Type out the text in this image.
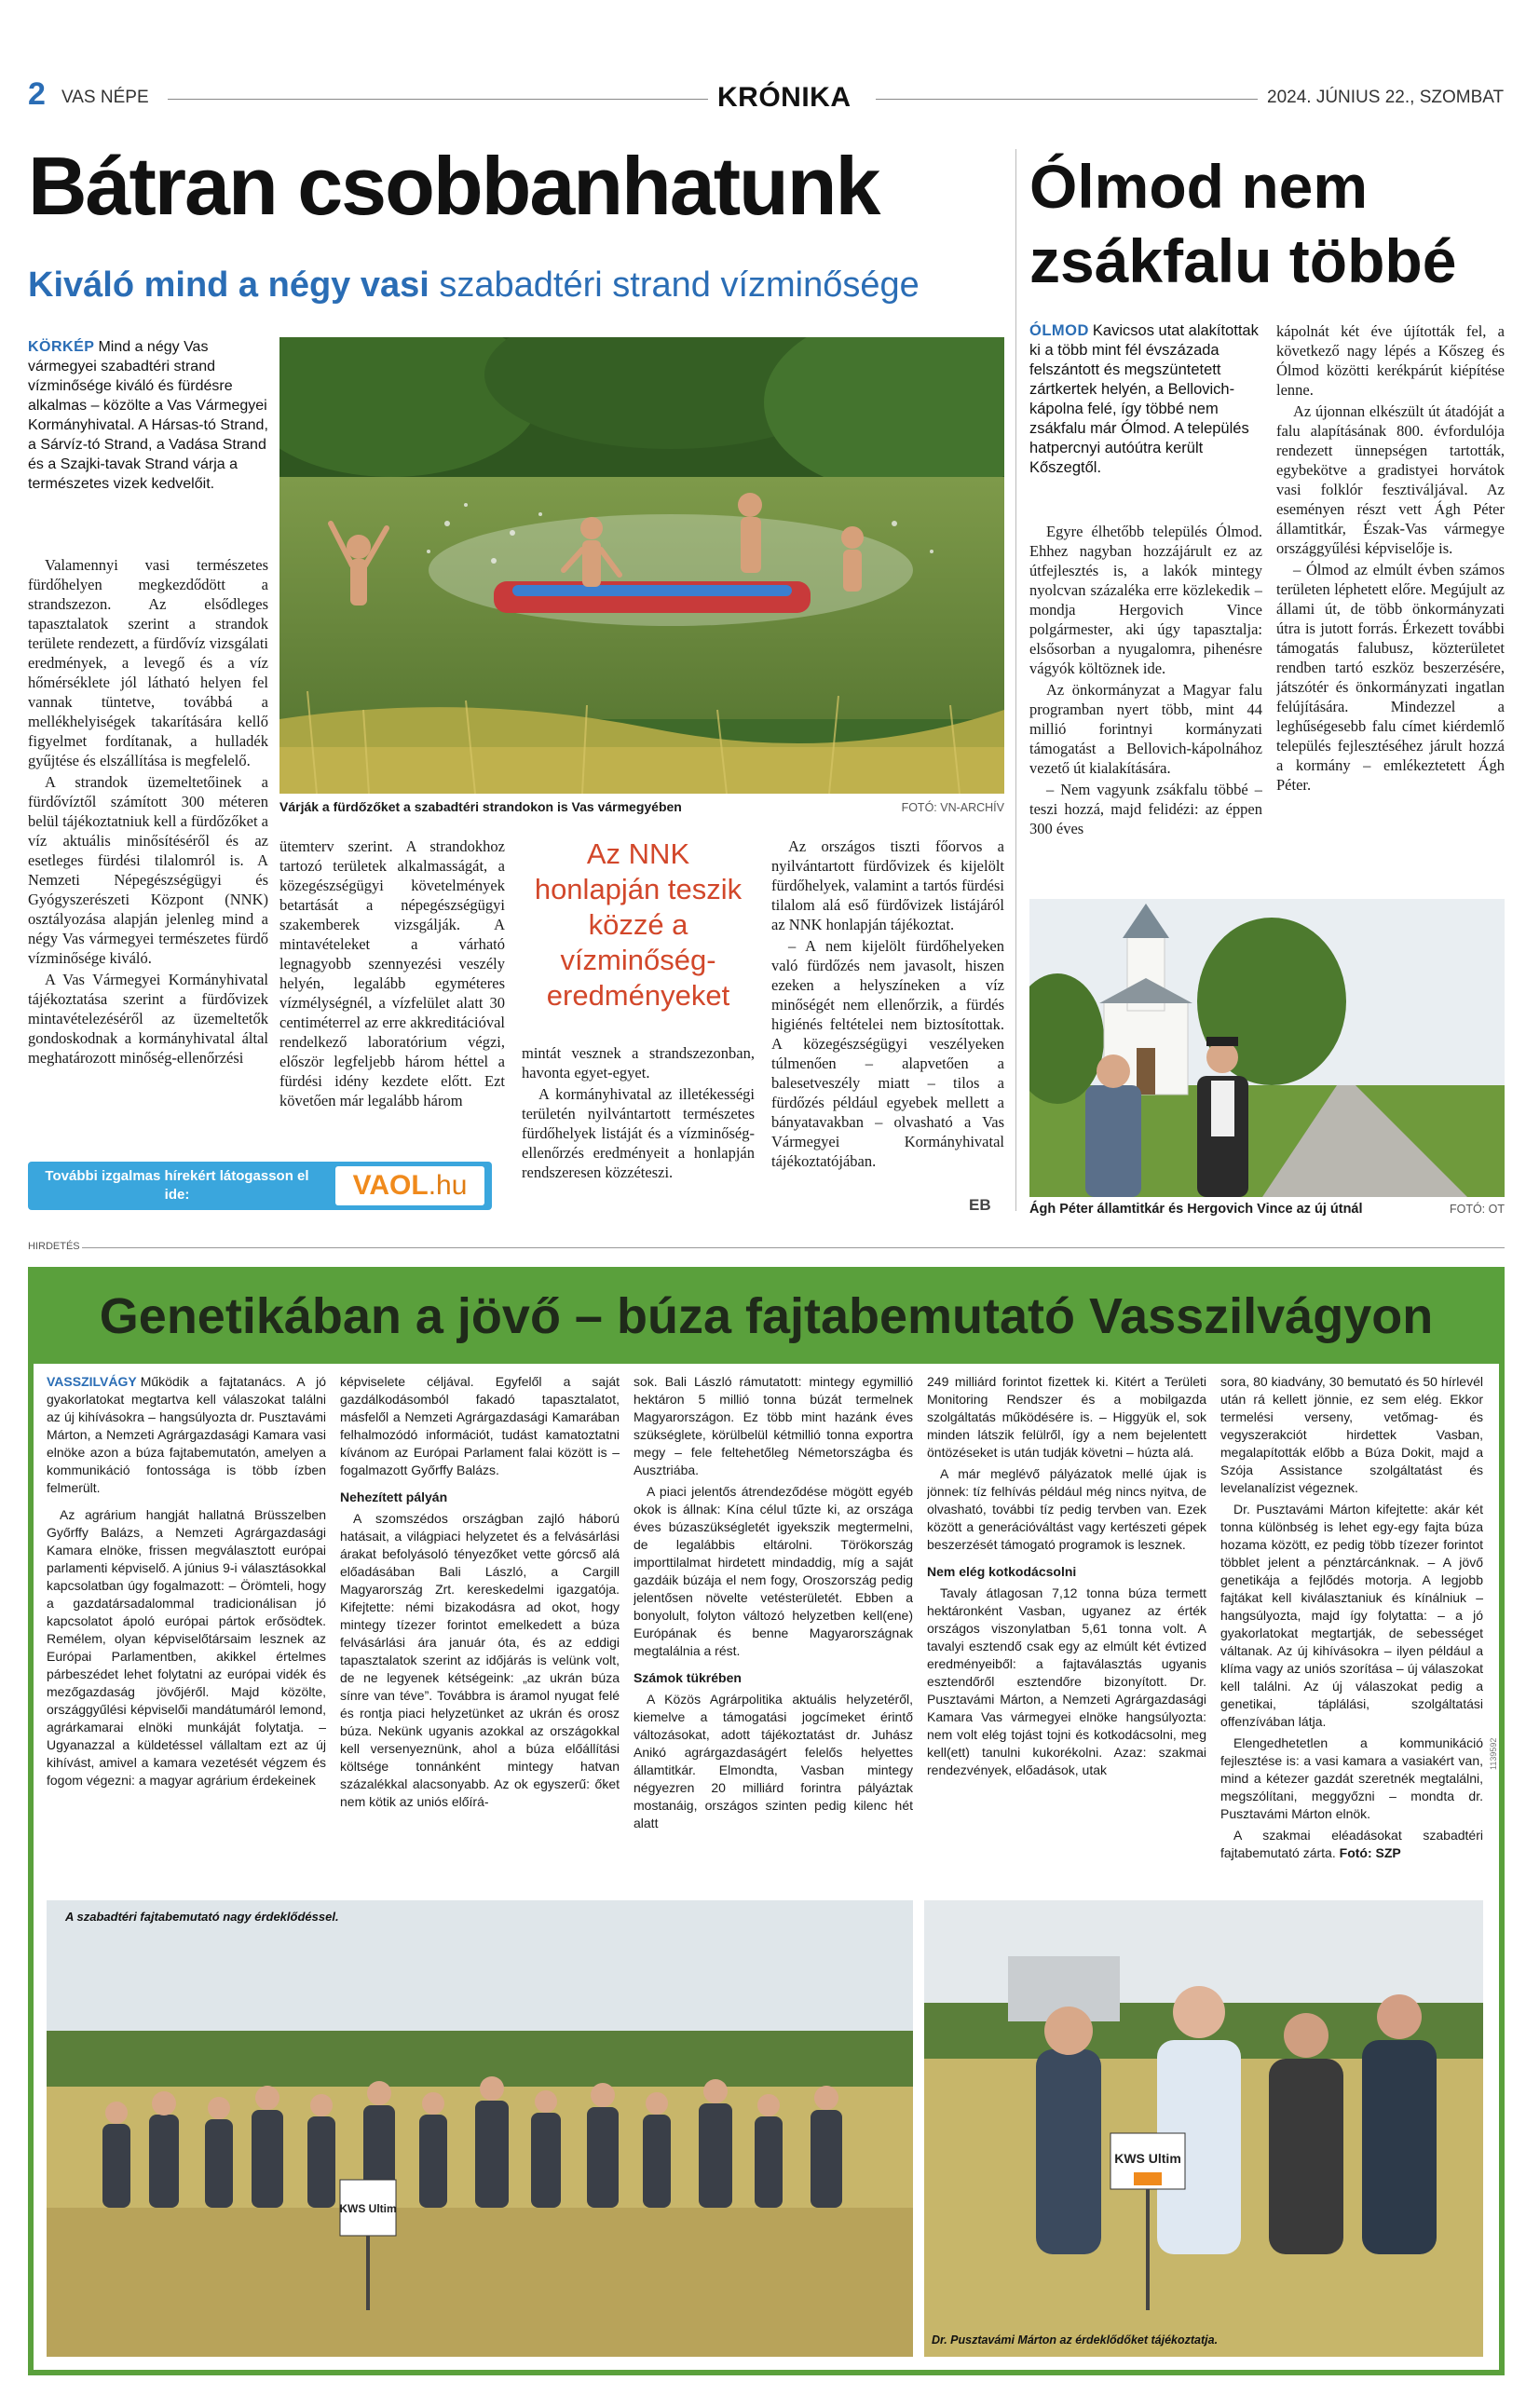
2 VAS NÉPE	KRÓNIKA	2024. JÚNIUS 22., SZOMBAT
Bátran csobbanhatunk
Kiváló mind a négy vasi szabadtéri strand vízminősége
KÖRKÉP Mind a négy Vas vármegyei szabadtéri strand vízminősége kiváló és fürdésre alkalmas – közölte a Vas Vármegyei Kormányhivatal. A Hársas-tó Strand, a Sárvíz-tó Strand, a Vadása Strand és a Szajki-tavak Strand várja a természetes vizek kedvelőit.
Várják a fürdőzőket a szabadtéri strandokon is Vas vármegyében	FOTÓ: VN-ARCHÍV

Valamennyi vasi természetes fürdőhelyen megkezdődött a strandszezon. Az elsődleges tapasztalatok szerint a strandok területe rendezett, a fürdővíz vizsgálati eredmények, a levegő és a víz hőmérséklete jól látható helyen fel vannak tüntetve, továbbá a mellékhelyiségek takarítására kellő figyelmet fordítanak, a hulladék gyűjtése és elszállítása is megfelelő.

A strandok üzemeltetőinek a fürdővíztől számított 300 méteren belül tájékoztatniuk kell a fürdőzőket a víz aktuális minősítéséről és az esetleges fürdési tilalomról is. A Nemzeti Népegészségügyi és Gyógyszerészeti Központ (NNK) osztályozása alapján jelenleg mind a négy Vas vármegyei természetes fürdő vízminősége kiváló.

A Vas Vármegyei Kormányhivatal tájékoztatása szerint a fürdővizek mintavételezéséről az üzemeltetők gondoskodnak a kormányhivatal által meghatározott minőség-ellenőrzési

ütemterv szerint. A strandokhoz tartozó területek alkalmasságát, a közegészségügyi követelmények betartását a népegészségügyi szakemberek vizsgálják. A mintavételeket a várható legnagyobb szennyezési veszély helyén, legalább egyméteres vízmélységnél, a vízfelület alatt 30 centiméterrel az erre akkreditációval rendelkező laboratórium végzi, először legfeljebb három héttel a fürdési idény kezdete előtt. Ezt követően már legalább három

Az NNK honlapján teszik közzé a vízminőség-eredményeket

mintát vesznek a strandszezonban, havonta egyet-egyet.

A kormányhivatal az illetékességi területén nyilvántartott természetes fürdőhelyek listáját és a vízminőség-ellenőrzés eredményeit a honlapján rendszeresen közzéteszi.

Az országos tiszti főorvos a nyilvántartott fürdővizek és kijelölt fürdőhelyek, valamint a tartós fürdési tilalom alá eső fürdővizek listájáról az NNK honlapján tájékoztat.

– A nem kijelölt fürdőhelyeken való fürdőzés nem javasolt, hiszen ezeken a helyszíneken a víz minőségét nem ellenőrzik, a fürdés higiénés feltételei nem biztosítottak. A közegészségügyi veszélyeken túlmenően – alapvetően a balesetveszély miatt – tilos a fürdőzés például egyebek mellett a bányatavakban – olvasható a Vas Vármegyei Kormányhivatal tájékoztatójában.

EB
További izgalmas hírekért látogasson el ide:	VAOL.hu
Ólmod nem zsákfalu többé
ÓLMOD Kavicsos utat alakítottak ki a több mint fél évszázada felszántott és megszüntetett zártkertek helyén, a Bellovich-kápolna felé, így többé nem zsákfalu már Ólmod. A település hatpercnyi autóútra került Kőszegtől.

Egyre élhetőbb település Ólmod. Ehhez nagyban hozzájárult ez az útfejlesztés is, a lakók mintegy nyolcvan százaléka erre közlekedik – mondja Hergovich Vince polgármester, aki úgy tapasztalja: elsősorban a nyugalomra, pihenésre vágyók költöznek ide.

Az önkormányzat a Magyar falu programban nyert több, mint 44 millió forintnyi kormányzati támogatást a Bellovich-kápolnához vezető út kialakítására.

– Nem vagyunk zsákfalu többé – teszi hozzá, majd felidézi: az éppen 300 éves

kápolnát két éve újították fel, a következő nagy lépés a Kőszeg és Ólmod közötti kerékpárút kiépítése lenne.

Az újonnan elkészült út átadóját a falu alapításának 800. évfordulója rendezett ünnepségen tartották, egybekötve a gradistyei horvátok vasi folklór fesztiváljával. Az eseményen részt vett Ágh Péter államtitkár, Észak-Vas vármegye országgyűlési képviselője is.

– Ólmod az elmúlt évben számos területen léphetett előre. Megújult az állami út, de több önkormányzati útra is jutott forrás. Érkezett további támogatás falubusz, közterületet rendben tartó eszköz beszerzésére, játszótér és önkormányzati ingatlan felújítására. Mindezzel a leghűségesebb falu címet kiérdemlő település fejlesztéséhez járult hozzá a kormány – emlékeztetett Ágh Péter.

Ágh Péter államtitkár és Hergovich Vince az új útnál	FOTÓ: OT
HIRDETÉS
Genetikában a jövő – búza fajtabemutató Vasszilvágyon

VASSZILVÁGY Működik a fajtatanács. A jó gyakorlatokat megtartva kell válaszokat találni az új kihívásokra – hangsúlyozta dr. Pusztavámi Márton, a Nemzeti Agrárgazdasági Kamara vasi elnöke azon a búza fajtabemutatón, amelyen a kommunikáció fontossága is több ízben felmerült.

Az agrárium hangját hallatná Brüsszelben Győrffy Balázs, a Nemzeti Agrárgazdasági Kamara elnöke, frissen megválasztott európai parlamenti képviselő. A június 9-i választásokkal kapcsolatban úgy fogalmazott: – Örömteli, hogy a gazdatársadalommal tradicionálisan jó kapcsolatot ápoló európai pártok erősödtek. Remélem, olyan képviselőtársaim lesznek az Európai Parlamentben, akikkel értelmes párbeszédet lehet folytatni az európai vidék és mezőgazdaság jövőjéről. Majd közölte, országgyűlési képviselői mandátumáról lemond, agrárkamarai elnöki munkáját folytatja. – Ugyanazzal a küldetéssel vállaltam ezt az új kihívást, amivel a kamara vezetését végzem és fogom végezni: a magyar agrárium érdekeinek

képviselete céljával. Egyfelől a saját gazdálkodásomból fakadó tapasztalatot, másfelől a Nemzeti Agrárgazdasági Kamarában felhalmozódó információt, tudást kamatoztatni kívánom az Európai Parlament falai között is – fogalmazott Győrffy Balázs.

Nehezített pályán

A szomszédos országban zajló háború hatásait, a világpiaci helyzetet és a felvásárlási árakat befolyásoló tényezőket vette górcső alá előadásában Bali László, a Cargill Magyarország Zrt. kereskedelmi igazgatója. Kifejtette: némi bizakodásra ad okot, hogy mintegy tízezer forintot emelkedett a búza felvásárlási ára január óta, és az eddigi tapasztalatok szerint az időjárás is velünk volt, de ne legyenek kétségeink: „az ukrán búza sínre van téve”. Továbbra is áramol nyugat felé és rontja piaci helyzetünket az ukrán és orosz búza. Nekünk ugyanis azokkal az országokkal kell versenyeznünk, ahol a búza előállítási költsége tonnánként mintegy hatvan százalékkal alacsonyabb. Az ok egyszerű: őket nem kötik az uniós előírá-

sok. Bali László rámutatott: mintegy egymillió hektáron 5 millió tonna búzát termelnek Magyarországon. Ez több mint hazánk éves szükséglete, körülbelül kétmillió tonna exportra megy – fele feltehetőleg Németországba és Ausztriába.

A piaci jelentős átrendeződése mögött egyéb okok is állnak: Kína célul tűzte ki, az országa éves búzaszükségletét igyekszik megtermelni, de legalábbis eltárolni. Törökország importtilalmat hirdetett mindaddig, míg a saját gazdáik búzája el nem fogy, Oroszország pedig jelentősen növelte vetésterületét. Ebben a bonyolult, folyton változó helyzetben kell(ene) Európának és benne Magyarországnak megtalálnia a rést.

Számok tükrében

A Közös Agrárpolitika aktuális helyzetéről, kiemelve a támogatási jogcímeket érintő változásokat, adott tájékoztatást dr. Juhász Anikó agrárgazdaságért felelős helyettes államtitkár. Elmondta, Vasban mintegy négyezren 20 milliárd forintra pályáztak mostanáig, országos szinten pedig kilenc hét alatt

249 milliárd forintot fizettek ki. Kitért a Területi Monitoring Rendszer és a mobilgazda szolgáltatás működésére is. – Higgyük el, sok minden látszik felülről, így a nem bejelentett öntözéseket is után tudják követni – húzta alá.

A már meglévő pályázatok mellé újak is jönnek: tíz felhívás például még nincs nyitva, de olvasható, további tíz pedig tervben van. Ezek között a generációváltást vagy kertészeti gépek beszerzését támogató programok is lesznek.

Nem elég kotkodácsolni

Tavaly átlagosan 7,12 tonna búza termett hektáronként Vasban, ugyanez az érték országos viszonylatban 5,61 tonna volt. A tavalyi esztendő csak egy az elmúlt két évtized eredményeiből: a fajtaválasztás ugyanis esztendőről esztendőre bizonyított. Dr. Pusztavámi Márton, a Nemzeti Agrárgazdasági Kamara Vas vármegyei elnöke hangsúlyozta: nem volt elég tojást tojni és kotkodácsolni, meg kell(ett) tanulni kukorékolni. Azaz: szakmai rendezvények, előadások, utak

sora, 80 kiadvány, 30 bemutató és 50 hírlevél után rá kellett jönnie, ez sem elég. Ekkor termelési verseny, vetőmag- és vegyszerakciót hirdettek Vasban, megalapították előbb a Búza Dokit, majd a Szója Assistance szolgáltatást és levelanalízist végeznek.

Dr. Pusztavámi Márton kifejtette: akár két tonna különbség is lehet egy-egy fajta búza hozama között, ez pedig több tízezer forintot többlet jelent a pénztárcánknak. – A jövő genetikája a fejlődés motorja. A legjobb fajtákat kell kiválasztaniuk és kínálniuk – hangsúlyozta, majd így folytatta: – a jó gyakorlatokat megtartják, de sebességet váltanak. Az új kihívásokra – ilyen például a klíma vagy az uniós szorítása – új válaszokat kell találni. Az új válaszokat pedig a genetikai, táplálási, szolgáltatási offenzívában látja.

Elengedhetetlen a kommunikáció fejlesztése is: a vasi kamara a vasiakért van, mind a kétezer gazdát szeretnék megtalálni, megszólítani, meggyőzni – mondta dr. Pusztavámi Márton elnök.

A szakmai eléadásokat szabadtéri fajtabemutató zárta. Fotó: SZP

1139592
KWS Ultim
A szabadtéri fajtabemutató nagy érdeklődéssel.
KWS Ultim
Dr. Pusztavámi Márton az érdeklődőket tájékoztatja.
